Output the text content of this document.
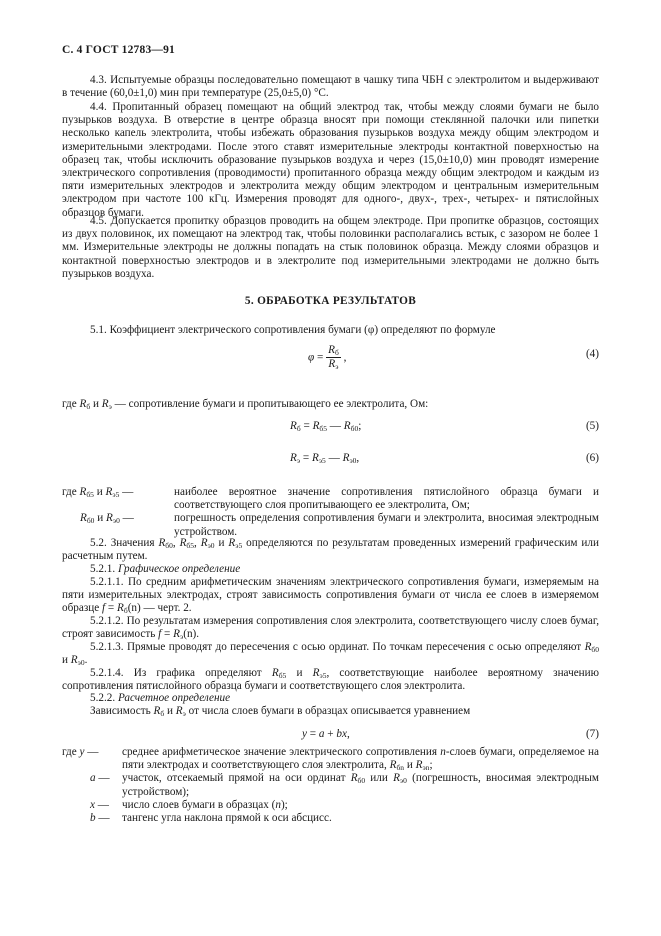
С. 4 ГОСТ 12783—91
4.3. Испытуемые образцы последовательно помещают в чашку типа ЧБН с электролитом и выдерживают в течение (60,0±1,0) мин при температуре (25,0±5,0) °С.
4.4. Пропитанный образец помещают на общий электрод так, чтобы между слоями бумаги не было пузырьков воздуха. В отверстие в центре образца вносят при помощи стеклянной палочки или пипетки несколько капель электролита, чтобы избежать образования пузырьков воздуха между общим электродом и измерительными электродами. После этого ставят измерительные электроды контактной поверхностью на образец так, чтобы исключить образование пузырьков воздуха и через (15,0±10,0) мин проводят измерение электрического сопротивления (проводимости) пропитанного образца между общим электродом и каждым из пяти измерительных электродов и электролита между общим электродом и центральным измерительным электродом при частоте 100 кГц. Измерения проводят для одного-, двух-, трех-, четырех- и пятислойных образцов бумаги.
4.5. Допускается пропитку образцов проводить на общем электроде. При пропитке образцов, состоящих из двух половинок, их помещают на электрод так, чтобы половинки располагались встык, с зазором не более 1 мм. Измерительные электроды не должны попадать на стык половинок образца. Между слоями образцов и контактной поверхностью электродов и в электролите под измерительными электродами не должно быть пузырьков воздуха.
5. ОБРАБОТКА РЕЗУЛЬТАТОВ
5.1. Коэффициент электрического сопротивления бумаги (φ) определяют по формуле
$\varphi = \frac{R_б}{R_э}$ ,	(4)
где $R_б$ и $R_э$ — сопротивление бумаги и пропитывающего ее электролита, Ом:
$R_б = R_{б5}$ — $R_{б0}$;	(5)
$R_э = R_{э5}$ — $R_{э0}$,	(6)
где $R_{б5}$ и $R_{э5}$ —	наиболее вероятное значение сопротивления пятислойного образца бумаги и соответствующего слоя пропитывающего ее электролита, Ом;
$R_{б0}$ и $R_{э0}$ —	погрешность определения сопротивления бумаги и электролита, вносимая электродным устройством.
5.2. Значения $R_{б0}$, $R_{б5}$, $R_{э0}$ и $R_{э5}$ определяются по результатам проведенных измерений графическим или расчетным путем.
5.2.1. Графическое определение
5.2.1.1. По средним арифметическим значениям электрического сопротивления бумаги, измеряемым на пяти измерительных электродах, строят зависимость сопротивления бумаги от числа ее слоев в измеряемом образце $f = R_б(n)$ — черт. 2.
5.2.1.2. По результатам измерения сопротивления слоя электролита, соответствующего числу слоев бумаг, строят зависимость $f = R_э(n)$.
5.2.1.3. Прямые проводят до пересечения с осью ординат. По точкам пересечения с осью определяют $R_{б0}$ и $R_{э0}$.
5.2.1.4. Из графика определяют $R_{б5}$ и $R_{э5}$, соответствующие наиболее вероятному значению сопротивления пятислойного образца бумаги и соответствующего слоя электролита.
5.2.2. Расчетное определение
Зависимость $R_б$ и $R_э$ от числа слоев бумаги в образцах описывается уравнением
y = a + bx,	(7)
где y —	среднее арифметическое значение электрического сопротивления n-слоев бумаги, определяемое на пяти электродах и соответствующего слоя электролита, $R_{бn}$ и $R_{эn}$;
a —	участок, отсекаемый прямой на оси ординат $R_{б0}$ или $R_{э0}$ (погрешность, вносимая электродным устройством);
x —	число слоев бумаги в образцах (n);
b —	тангенс угла наклона прямой к оси абсцисс.
